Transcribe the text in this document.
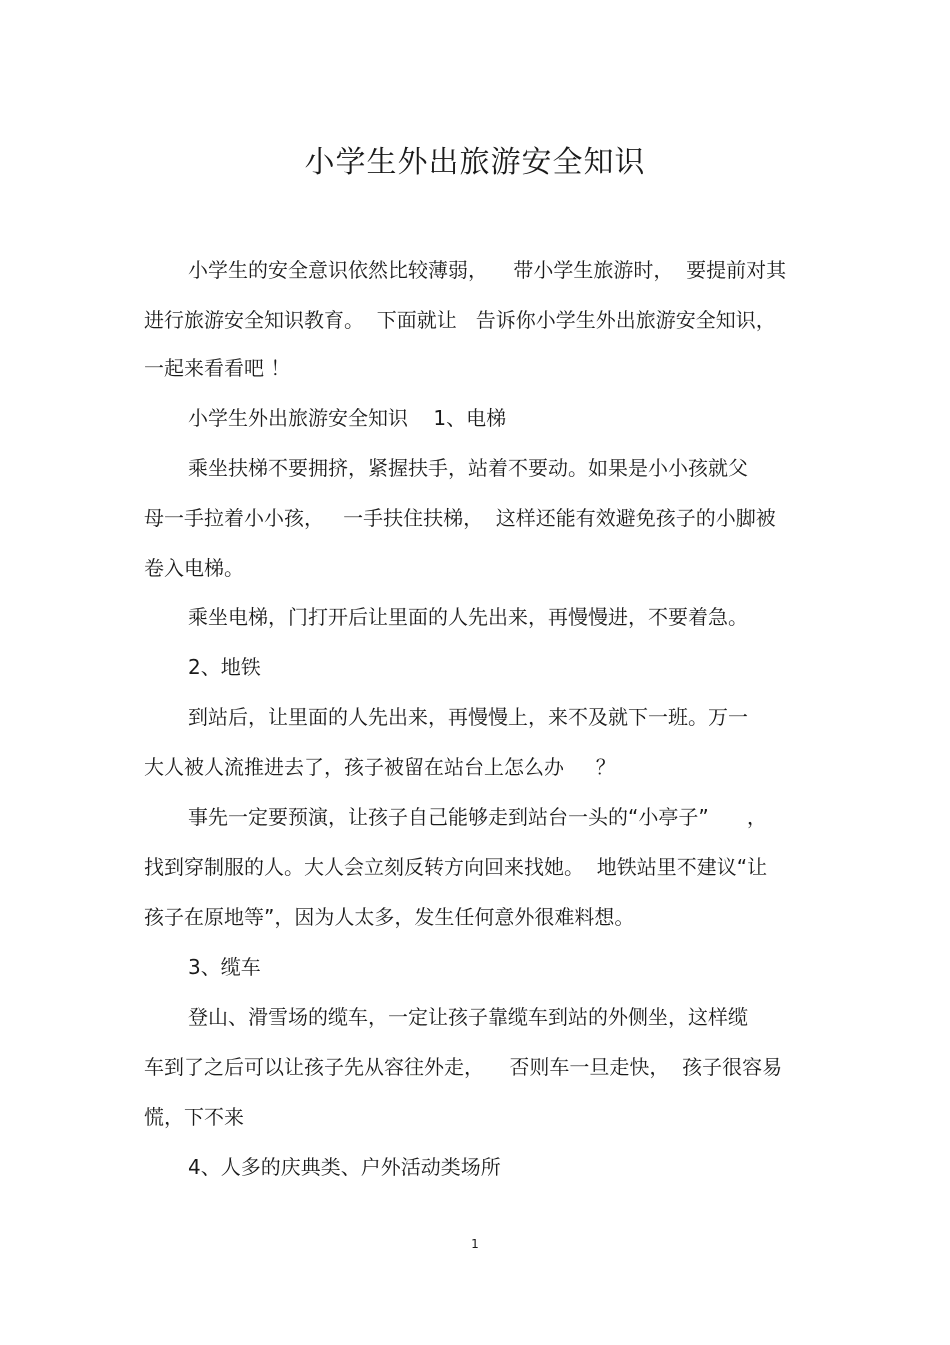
小学生外出旅游安全知识
小学生的安全意识依然比较薄弱，    带小学生旅游时，  要提前对其
进行旅游安全知识教育。  下面就让   告诉你小学生外出旅游安全知识，
一起来看看吧 ！
小学生外出旅游安全知识    1、电梯
乘坐扶梯不要拥挤，紧握扶手，站着不要动。如果是小小孩就父
母一手拉着小小孩，   一手扶住扶梯，  这样还能有效避免孩子的小脚被
卷入电梯。
乘坐电梯，门打开后让里面的人先出来，再慢慢进，不要着急。
2、地铁
到站后，让里面的人先出来，再慢慢上，来不及就下一班。万一
大人被人流推进去了，孩子被留在站台上怎么办     ？
事先一定要预演，让孩子自己能够走到站台一头的“小亭子”      ，
找到穿制服的人。大人会立刻反转方向回来找她。  地铁站里不建议“让
孩子在原地等”，因为人太多，发生任何意外很难料想。
3、缆车
登山、滑雪场的缆车，一定让孩子靠缆车到站的外侧坐，这样缆
车到了之后可以让孩子先从容往外走，    否则车一旦走快，  孩子很容易
慌，下不来
4、人多的庆典类、户外活动类场所
1
